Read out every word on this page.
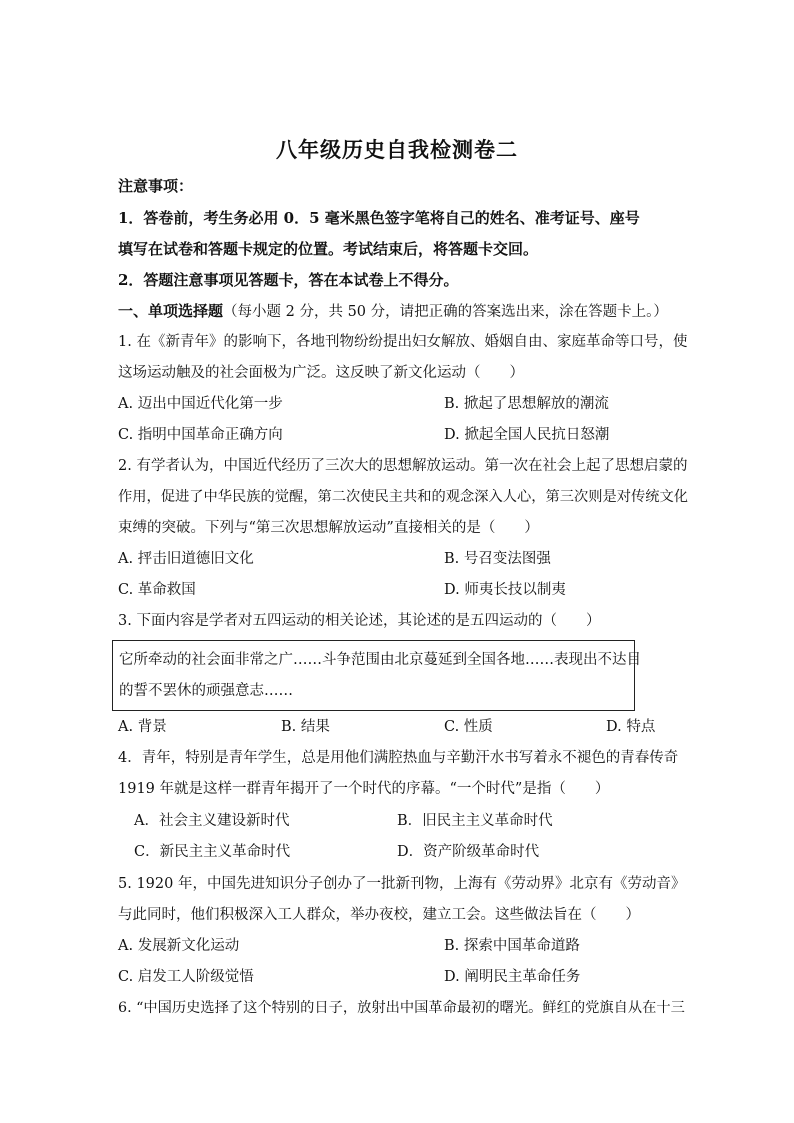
八年级历史自我检测卷二
注意事项：
1．答卷前，考生务必用 0．5 毫米黑色签字笔将自己的姓名、准考证号、座号
填写在试卷和答题卡规定的位置。考试结束后，将答题卡交回。
2．答题注意事项见答题卡，答在本试卷上不得分。
一、单项选择题（每小题 2 分，共 50 分，请把正确的答案选出来，涂在答题卡上。）
1. 在《新青年》的影响下，各地刊物纷纷提出妇女解放、婚姻自由、家庭革命等口号，使
这场运动触及的社会面极为广泛。这反映了新文化运动（　　）
A. 迈出中国近代化第一步	B. 掀起了思想解放的潮流
C. 指明中国革命正确方向	D. 掀起全国人民抗日怒潮
2. 有学者认为，中国近代经历了三次大的思想解放运动。第一次在社会上起了思想启蒙的
作用，促进了中华民族的觉醒，第二次使民主共和的观念深入人心，第三次则是对传统文化
束缚的突破。下列与“第三次思想解放运动”直接相关的是（　　）
A. 抨击旧道德旧文化	B. 号召变法图强
C. 革命救国	D. 师夷长技以制夷
3. 下面内容是学者对五四运动的相关论述，其论述的是五四运动的（　　）
它所牵动的社会面非常之广……斗争范围由北京蔓延到全国各地……表现出不达目
的誓不罢休的顽强意志……
A. 背景	B. 结果	C. 性质	D. 特点
4．青年，特别是青年学生，总是用他们满腔热血与辛勤汗水书写着永不褪色的青春传奇
1919 年就是这样一群青年揭开了一个时代的序幕。“一个时代”是指（　　）
A．社会主义建设新时代	B．旧民主主义革命时代
C．新民主主义革命时代	D．资产阶级革命时代
5. 1920 年，中国先进知识分子创办了一批新刊物，上海有《劳动界》北京有《劳动音》
与此同时，他们积极深入工人群众，举办夜校，建立工会。这些做法旨在（　　）
A. 发展新文化运动	B. 探索中国革命道路
C. 启发工人阶级觉悟	D. 阐明民主革命任务
6. “中国历史选择了这个特别的日子，放射出中国革命最初的曙光。鲜红的党旗自从在十三
